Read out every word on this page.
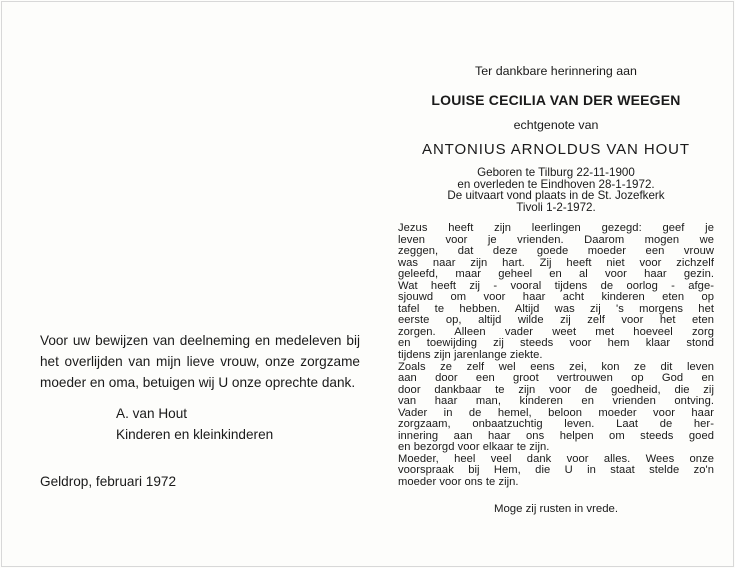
Voor uw bewijzen van deelneming en medeleven bij het overlijden van mijn lieve vrouw, onze zorgzame moeder en oma, betuigen wij U onze oprechte dank.

A. van Hout
Kinderen en kleinkinderen
Geldrop, februari 1972
Ter dankbare herinnering aan
LOUISE CECILIA VAN DER WEEGEN
echtgenote van
ANTONIUS ARNOLDUS VAN HOUT
Geboren te Tilburg 22-11-1900
en overleden te Eindhoven 28-1-1972.
De uitvaart vond plaats in de St. Jozefkerk
Tivoli 1-2-1972.

Jezus heeft zijn leerlingen gezegd: geef je

leven voor je vrienden. Daarom mogen we

zeggen, dat deze goede moeder een vrouw

was naar zijn hart. Zij heeft niet voor zichzelf

geleefd, maar geheel en al voor haar gezin.

Wat heeft zij - vooral tijdens de oorlog - afge-

sjouwd om voor haar acht kinderen eten op

tafel te hebben. Altijd was zij 's morgens het

eerste op, altijd wilde zij zelf voor het eten

zorgen. Alleen vader weet met hoeveel zorg

en toewijding zij steeds voor hem klaar stond

tijdens zijn jarenlange ziekte.

Zoals ze zelf wel eens zei, kon ze dit leven

aan door een groot vertrouwen op God en

door dankbaar te zijn voor de goedheid, die zij

van haar man, kinderen en vrienden ontving.

Vader in de hemel, beloon moeder voor haar

zorgzaam, onbaatzuchtig leven. Laat de her-

innering aan haar ons helpen om steeds goed

en bezorgd voor elkaar te zijn.

Moeder, heel veel dank voor alles. Wees onze

voorspraak bij Hem, die U in staat stelde zo'n

moeder voor ons te zijn.

Moge zij rusten in vrede.
